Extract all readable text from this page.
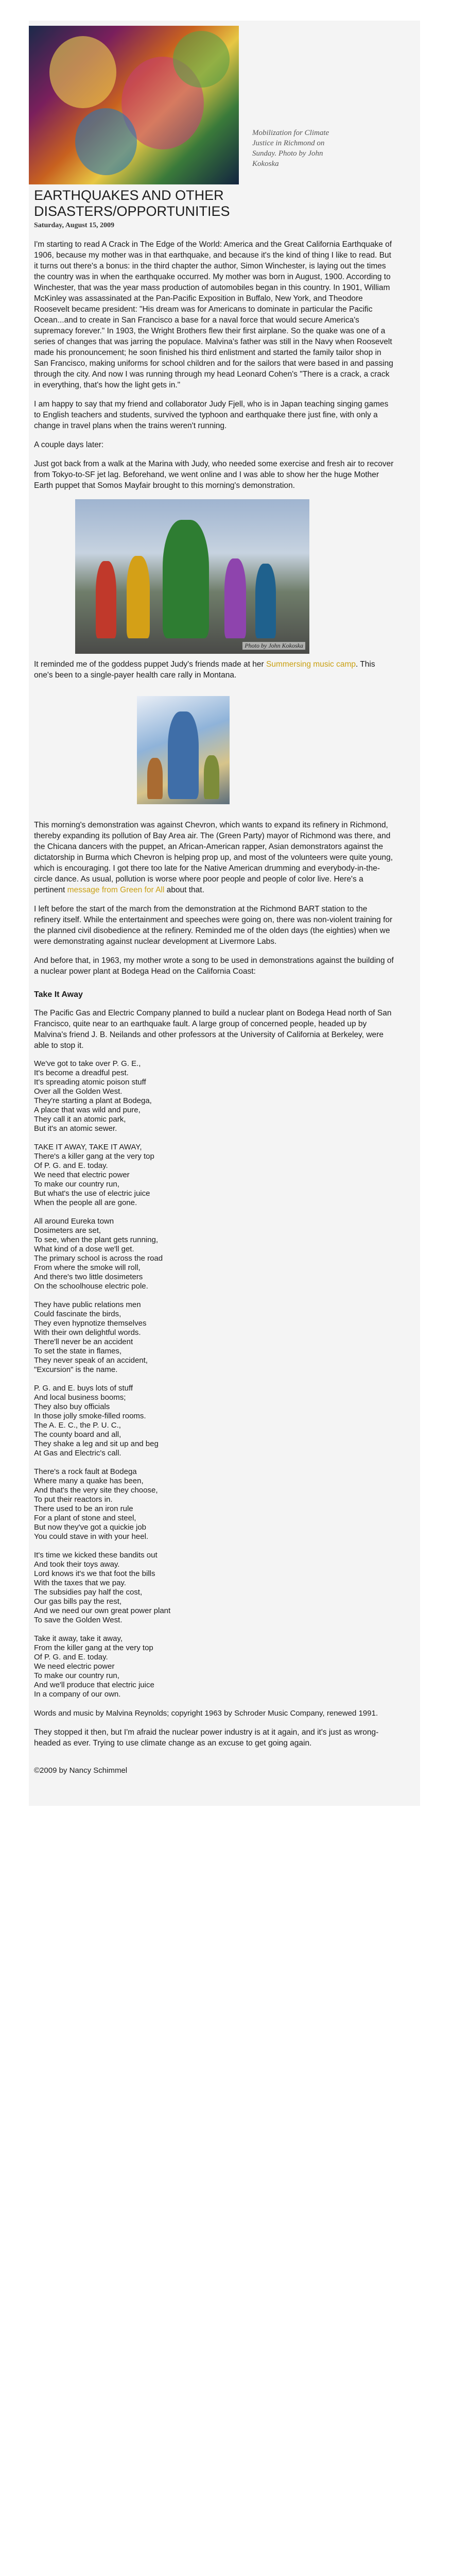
Mobilization for Climate Justice in Richmond on Sunday. Photo by John Kokoska
EARTHQUAKES AND OTHER DISASTERS/OPPORTUNITIES
Saturday, August 15, 2009

I'm starting to read A Crack in The Edge of the World: America and the Great California Earthquake of 1906, because my mother was in that earthquake, and because it's the kind of thing I like to read. But it turns out there's a bonus: in the third chapter the author, Simon Winchester, is laying out the times the country was in when the earthquake occurred. My mother was born in August, 1900. According to Winchester, that was the year mass production of automobiles began in this country. In 1901, William McKinley was assassinated at the Pan-Pacific Exposition in Buffalo, New York, and Theodore Roosevelt became president: "His dream was for Americans to dominate in particular the Pacific Ocean...and to create in San Francisco a base for a naval force that would secure America's supremacy forever." In 1903, the Wright Brothers flew their first airplane. So the quake was one of a series of changes that was jarring the populace. Malvina's father was still in the Navy when Roosevelt made his pronouncement; he soon finished his third enlistment and started the family tailor shop in San Francisco, making uniforms for school children and for the sailors that were based in and passing through the city. And now I was running through my head Leonard Cohen's "There is a crack, a crack in everything, that's how the light gets in."

I am happy to say that my friend and collaborator Judy Fjell, who is in Japan teaching singing games to English teachers and students, survived the typhoon and earthquake there just fine, with only a change in travel plans when the trains weren't running.

A couple days later:

Just got back from a walk at the Marina with Judy, who needed some exercise and fresh air to recover from Tokyo-to-SF jet lag. Beforehand, we went online and I was able to show her the huge Mother Earth puppet that Somos Mayfair brought to this morning's demonstration.

Photo by John Kokoska

It reminded me of the goddess puppet Judy's friends made at her Summersing music camp. This one's been to a single-payer health care rally in Montana.

This morning's demonstration was against Chevron, which wants to expand its refinery in Richmond, thereby expanding its pollution of Bay Area air. The (Green Party) mayor of Richmond was there, and the Chicana dancers with the puppet, an African-American rapper, Asian demonstrators against the dictatorship in Burma which Chevron is helping prop up, and most of the volunteers were quite young, which is encouraging. I got there too late for the Native American drumming and everybody-in-the-circle dance. As usual, pollution is worse where poor people and people of color live. Here's a pertinent message from Green for All about that.

I left before the start of the march from the demonstration at the Richmond BART station to the refinery itself. While the entertainment and speeches were going on, there was non-violent training for the planned civil disobedience at the refinery. Reminded me of the olden days (the eighties) when we were demonstrating against nuclear development at Livermore Labs.

And before that, in 1963, my mother wrote a song to be used in demonstrations against the building of a nuclear power plant at Bodega Head on the California Coast:

Take It Away

The Pacific Gas and Electric Company planned to build a nuclear plant on Bodega Head north of San Francisco, quite near to an earthquake fault. A large group of concerned people, headed up by Malvina's friend J. B. Neilands and other professors at the University of California at Berkeley, were able to stop it.

We've got to take over P. G. E.,
It's become a dreadful pest.
It's spreading atomic poison stuff
Over all the Golden West.
They're starting a plant at Bodega,
A place that was wild and pure,
They call it an atomic park,
But it's an atomic sewer.
TAKE IT AWAY, TAKE IT AWAY,
There's a killer gang at the very top
Of P. G. and E. today.
We need that electric power
To make our country run,
But what's the use of electric juice
When the people all are gone.
All around Eureka town
Dosimeters are set,
To see, when the plant gets running,
What kind of a dose we'll get.
The primary school is across the road
From where the smoke will roll,
And there's two little dosimeters
On the schoolhouse electric pole.
They have public relations men
Could fascinate the birds,
They even hypnotize themselves
With their own delightful words.
There'll never be an accident
To set the state in flames,
They never speak of an accident,
"Excursion" is the name.
P. G. and E. buys lots of stuff
And local business booms;
They also buy officials
In those jolly smoke-filled rooms.
The A. E. C., the P. U. C.,
The county board and all,
They shake a leg and sit up and beg
At Gas and Electric's call.
There's a rock fault at Bodega
Where many a quake has been,
And that's the very site they choose,
To put their reactors in.
There used to be an iron rule
For a plant of stone and steel,
But now they've got a quickie job
You could stave in with your heel.
It's time we kicked these bandits out
And took their toys away.
Lord knows it's we that foot the bills
With the taxes that we pay.
The subsidies pay half the cost,
Our gas bills pay the rest,
And we need our own great power plant
To save the Golden West.
Take it away, take it away,
From the killer gang at the very top
Of P. G. and E. today.
We need electric power
To make our country run,
And we'll produce that electric juice
In a company of our own.
Words and music by Malvina Reynolds; copyright 1963 by Schroder Music Company, renewed 1991.

They stopped it then, but I'm afraid the nuclear power industry is at it again, and it's just as wrong-headed as ever. Trying to use climate change as an excuse to get going again.

©2009 by Nancy Schimmel
